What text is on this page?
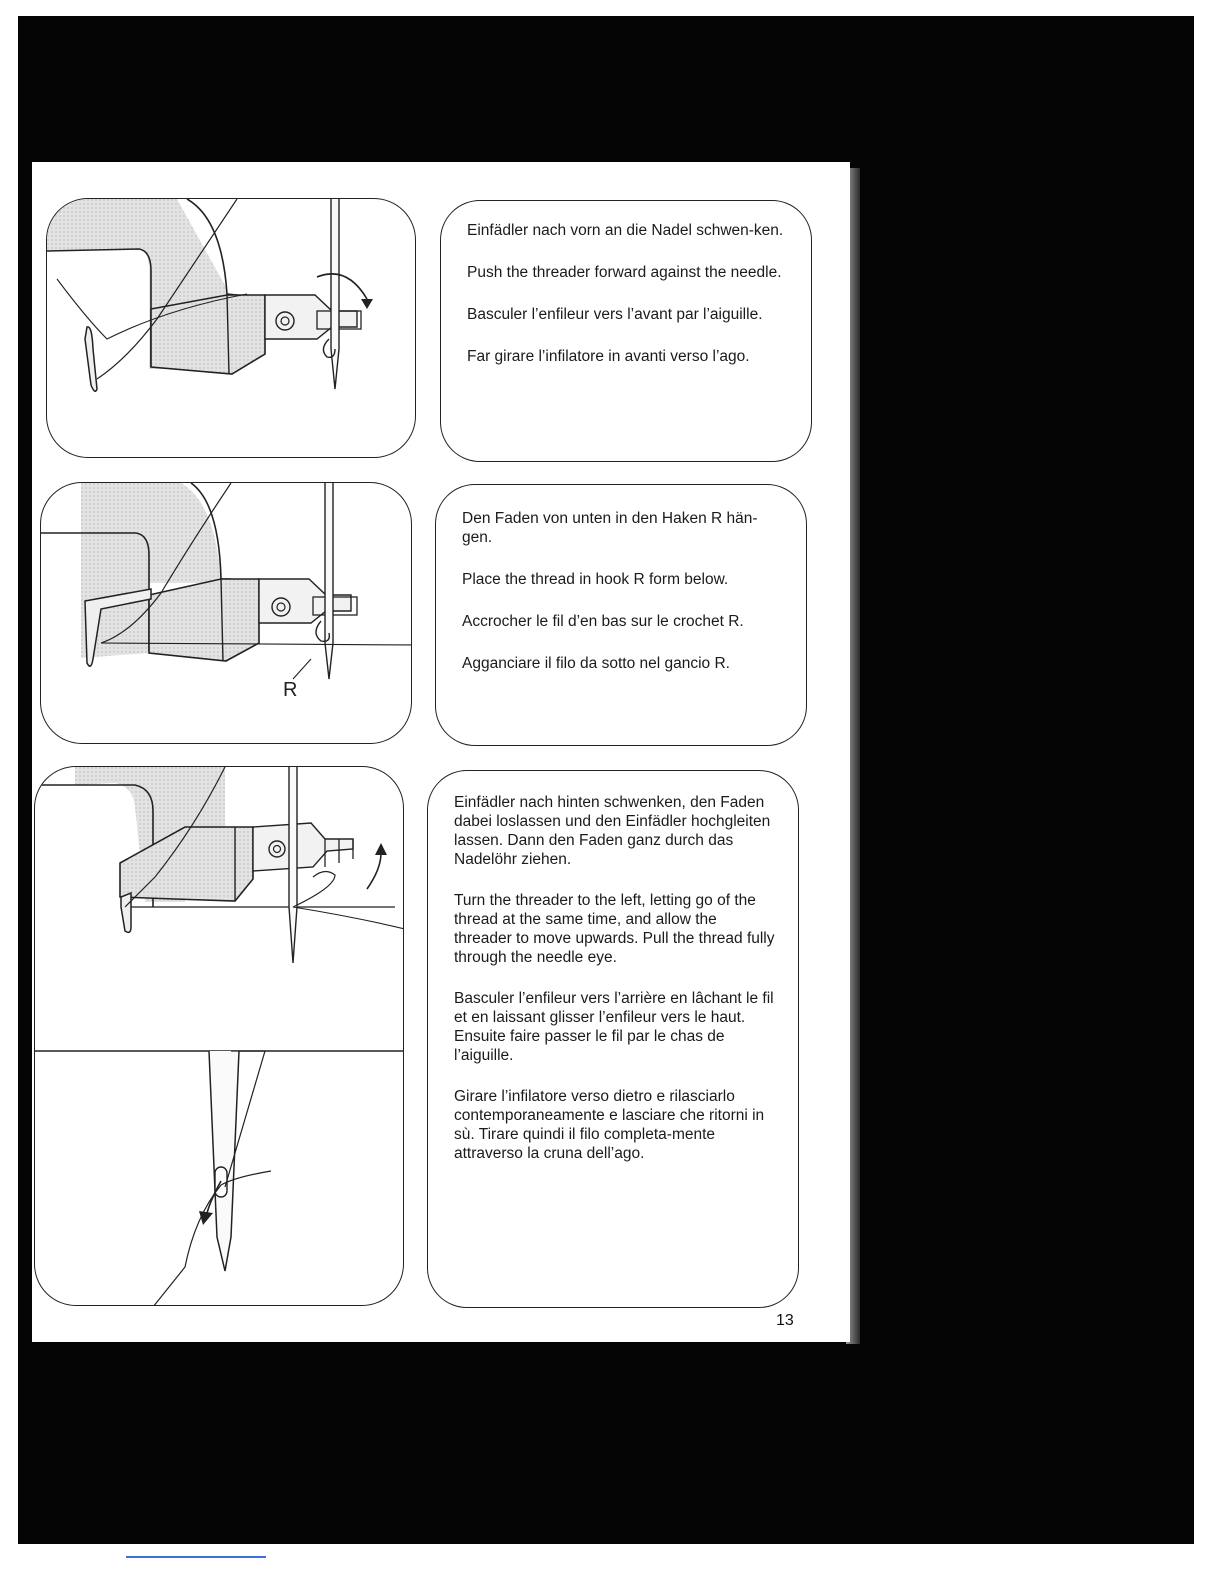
Einfädler nach vorn an die Nadel schwen-ken.

Push the threader forward against the needle.

Basculer l’enfileur vers l’avant par l’aiguille.

Far girare l’infilatore in avanti verso l’ago.

R

Den Faden von unten in den Haken R hän-gen.

Place the thread in hook R form below.

Accrocher le fil d’en bas sur le crochet R.

Agganciare il filo da sotto nel gancio R.

Einfädler nach hinten schwenken, den Faden dabei loslassen und den Einfädler hochgleiten lassen. Dann den Faden ganz durch das Nadelöhr ziehen.

Turn the threader to the left, letting go of the thread at the same time, and allow the threader to move upwards. Pull the thread fully through the needle eye.

Basculer l’enfileur vers l’arrière en lâchant le fil et en laissant glisser l’enfileur vers le haut. Ensuite faire passer le fil par le chas de l’aiguille.

Girare l’infilatore verso dietro e rilasciarlo contemporaneamente e lasciare che ritorni in sù. Tirare quindi il filo completa-mente attraverso la cruna dell’ago.

13
